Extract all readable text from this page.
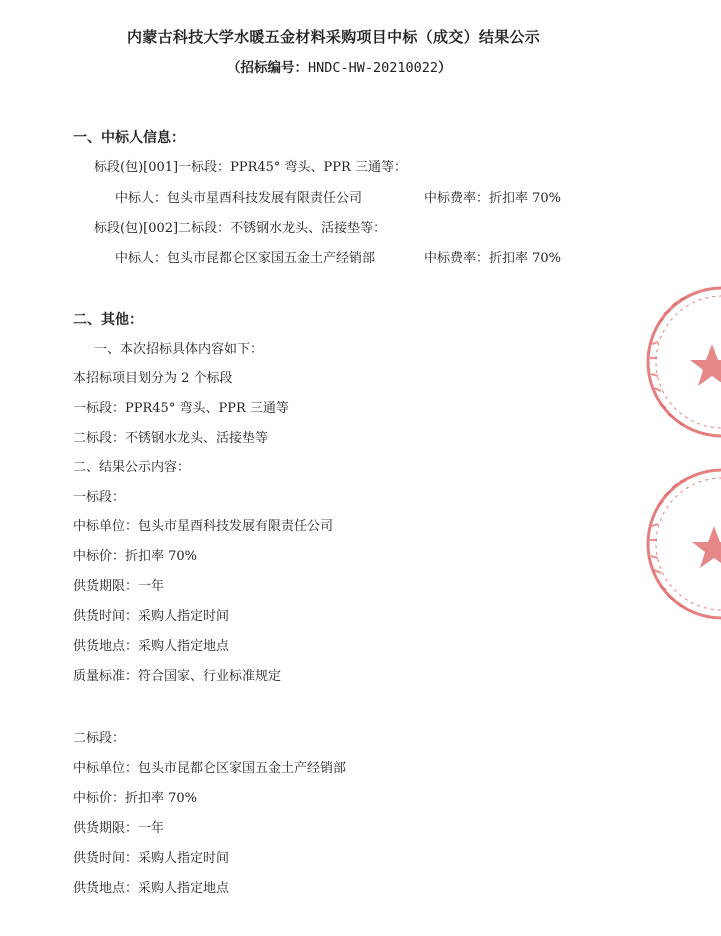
内蒙古科技大学水暖五金材料采购项目中标（成交）结果公示
（招标编号：HNDC-HW-20210022）
一、中标人信息：
标段(包)[001]一标段：PPR45° 弯头、PPR 三通等：
中标人：包头市星酉科技发展有限责任公司	中标费率：折扣率 70%
标段(包)[002]二标段：不锈钢水龙头、活接垫等：
中标人：包头市昆都仑区家国五金土产经销部	中标费率：折扣率 70%
二、其他：
一、本次招标具体内容如下：
本招标项目划分为 2 个标段
一标段：PPR45° 弯头、PPR 三通等
二标段：不锈钢水龙头、活接垫等
二、结果公示内容：
一标段：
中标单位：包头市星酉科技发展有限责任公司
中标价：折扣率 70%
供货期限：一年
供货时间：采购人指定时间
供货地点：采购人指定地点
质量标准：符合国家、行业标准规定
二标段：
中标单位：包头市昆都仑区家国五金土产经销部
中标价：折扣率 70%
供货期限：一年
供货时间：采购人指定时间
供货地点：采购人指定地点
